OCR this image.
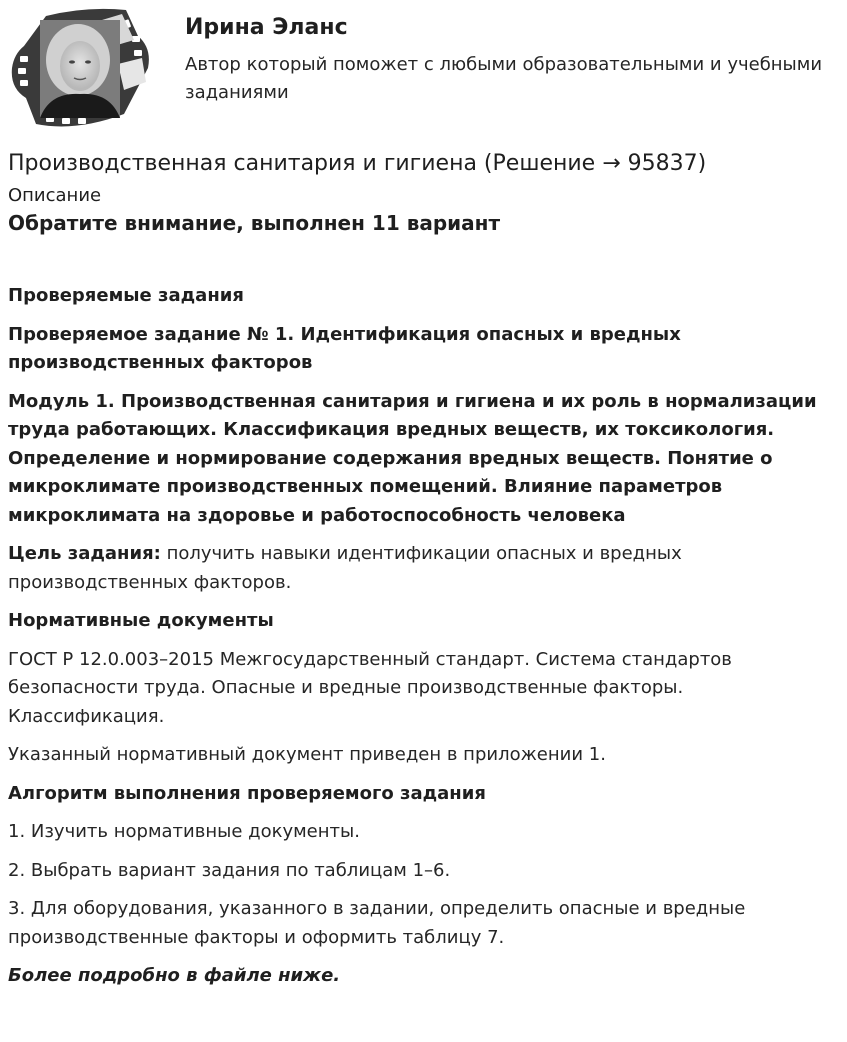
Ирина Эланс
Автор который поможет с любыми образовательными и учебными заданиями
Производственная санитария и гигиена (Решение → 95837)
Описание
Обратите внимание, выполнен 11 вариант
Проверяемые задания
Проверяемое задание № 1. Идентификация опасных и вредных производственных факторов
Модуль 1. Производственная санитария и гигиена и их роль в нормализации труда работающих. Классификация вредных веществ, их токсикология. Определение и нормирование содержания вредных веществ. Понятие о микроклимате производственных помещений. Влияние параметров микроклимата на здоровье и работоспособность человека
Цель задания: получить навыки идентификации опасных и вредных производственных факторов.
Нормативные документы
ГОСТ Р 12.0.003–2015 Межгосударственный стандарт. Система стандартов безопасности труда. Опасные и вредные производственные факторы. Классификация.
Указанный нормативный документ приведен в приложении 1.
Алгоритм выполнения проверяемого задания
1. Изучить нормативные документы.
2. Выбрать вариант задания по таблицам 1–6.
3. Для оборудования, указанного в задании, определить опасные и вредные производственные факторы и оформить таблицу 7.
Более подробно в файле ниже.
